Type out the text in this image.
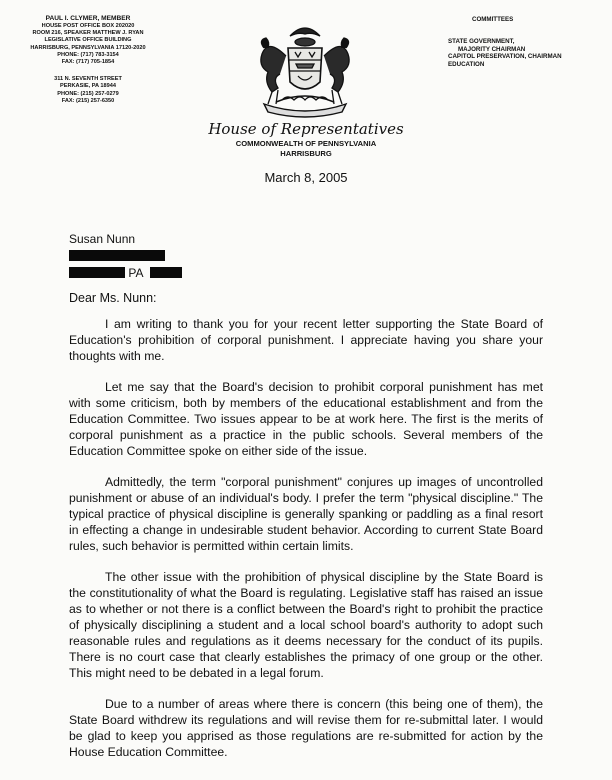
PAUL I. CLYMER, MEMBER
HOUSE POST OFFICE BOX 202020
ROOM 216, SPEAKER MATTHEW J. RYAN
LEGISLATIVE OFFICE BUILDING
HARRISBURG, PENNSYLVANIA 17120-2020
PHONE: (717) 783-3154
FAX: (717) 705-1854
311 N. SEVENTH STREET
PERKASIE, PA 18944
PHONE: (215) 257-0279
FAX: (215) 257-6350
COMMITTEES
STATE GOVERNMENT,
MAJORITY CHAIRMAN
CAPITOL PRESERVATION, CHAIRMAN
EDUCATION
House of Representatives
COMMONWEALTH OF PENNSYLVANIA
HARRISBURG
March 8, 2005
Susan Nunn
PA
Dear Ms. Nunn:

I am writing to thank you for your recent letter supporting the State Board of Education's prohibition of corporal punishment. I appreciate having you share your thoughts with me.

Let me say that the Board's decision to prohibit corporal punishment has met with some criticism, both by members of the educational establishment and from the Education Committee. Two issues appear to be at work here. The first is the merits of corporal punishment as a practice in the public schools. Several members of the Education Committee spoke on either side of the issue.

Admittedly, the term "corporal punishment" conjures up images of uncontrolled punishment or abuse of an individual's body. I prefer the term "physical discipline." The typical practice of physical discipline is generally spanking or paddling as a final resort in effecting a change in undesirable student behavior. According to current State Board rules, such behavior is permitted within certain limits.

The other issue with the prohibition of physical discipline by the State Board is the constitutionality of what the Board is regulating. Legislative staff has raised an issue as to whether or not there is a conflict between the Board's right to prohibit the practice of physically disciplining a student and a local school board's authority to adopt such reasonable rules and regulations as it deems necessary for the conduct of its pupils. There is no court case that clearly establishes the primacy of one group or the other. This might need to be debated in a legal forum.

Due to a number of areas where there is concern (this being one of them), the State Board withdrew its regulations and will revise them for re-submittal later. I would be glad to keep you apprised as those regulations are re-submitted for action by the House Education Committee.
